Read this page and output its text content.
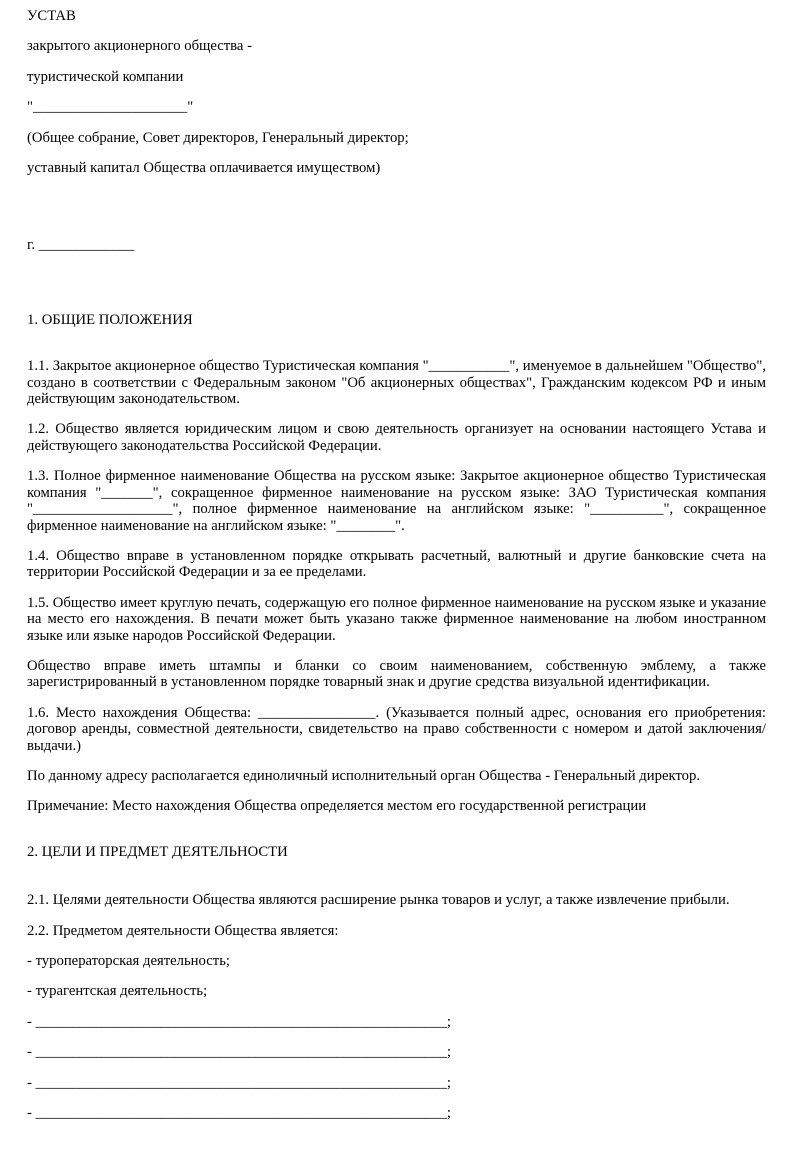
УСТАВ

закрытого акционерного общества -

туристической компании

"_____________________"

(Общее собрание, Совет директоров, Генеральный директор;

уставный капитал Общества оплачивается имуществом)

г. _____________

1. ОБЩИЕ ПОЛОЖЕНИЯ

1.1. Закрытое акционерное общество Туристическая компания "___________", именуемое в дальнейшем "Общество", создано в соответствии с Федеральным законом "Об акционерных обществах", Гражданским кодексом РФ и иным действующим законодательством.

1.2. Общество является юридическим лицом и свою деятельность организует на основании настоящего Устава и действующего законодательства Российской Федерации.

1.3. Полное фирменное наименование Общества на русском языке: Закрытое акционерное общество Туристическая компания "_______", сокращенное фирменное наименование на русском языке: ЗАО Туристическая компания "___________________", полное фирменное наименование на английском языке: "__________", сокращенное фирменное наименование на английском языке: "________".

1.4. Общество вправе в установленном порядке открывать расчетный, валютный и другие банковские счета на территории Российской Федерации и за ее пределами.

1.5. Общество имеет круглую печать, содержащую его полное фирменное наименование на русском языке и указание на место его нахождения. В печати может быть указано также фирменное наименование на любом иностранном языке или языке народов Российской Федерации.

Общество вправе иметь штампы и бланки со своим наименованием, собственную эмблему, а также зарегистрированный в установленном порядке товарный знак и другие средства визуальной идентификации.

1.6. Место нахождения Общества: ________________. (Указывается полный адрес, основания его приобретения: договор аренды, совместной деятельности, свидетельство на право собственности с номером и датой заключения/выдачи.)

По данному адресу располагается единоличный исполнительный орган Общества - Генеральный директор.

Примечание: Место нахождения Общества определяется местом его государственной регистрации

2. ЦЕЛИ И ПРЕДМЕТ ДЕЯТЕЛЬНОСТИ

2.1. Целями деятельности Общества являются расширение рынка товаров и услуг, а также извлечение прибыли.

2.2. Предметом деятельности Общества является:

- туроператорская деятельность;

- турагентская деятельность;

- ________________________________________________________;

- ________________________________________________________;

- ________________________________________________________;

- ________________________________________________________;
